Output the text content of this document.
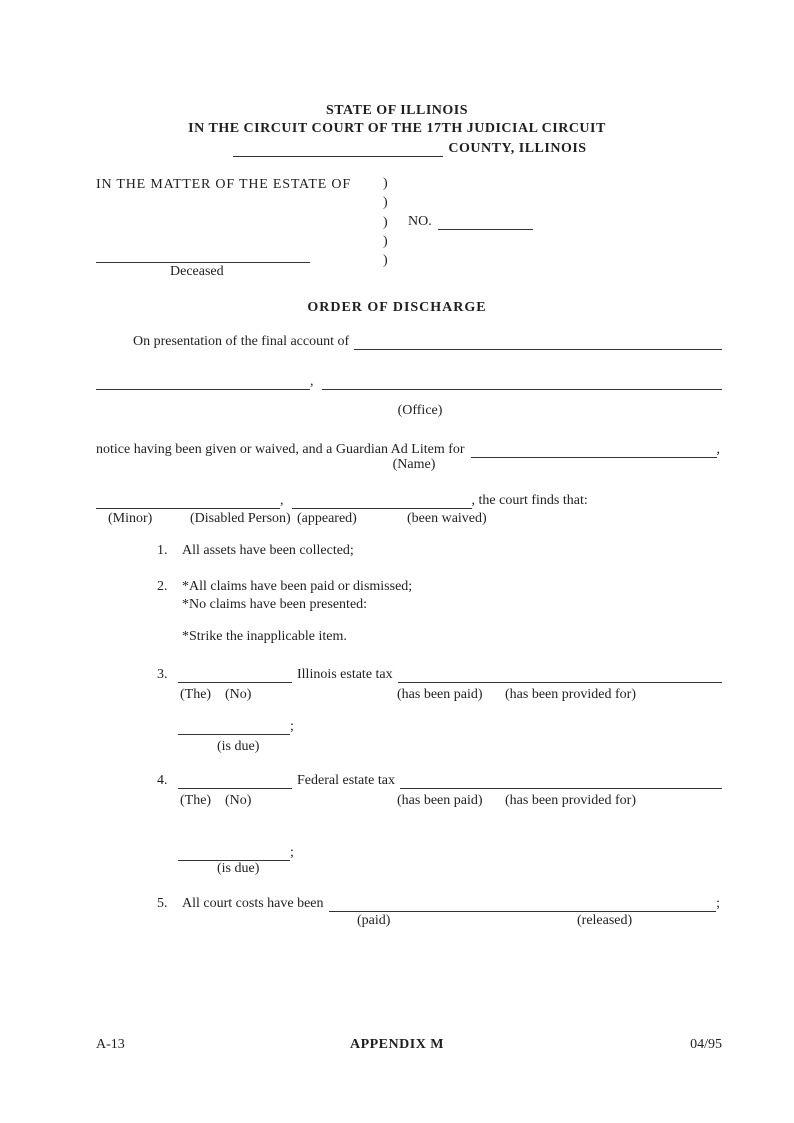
STATE OF ILLINOIS
IN THE CIRCUIT COURT OF THE 17TH JUDICIAL CIRCUIT
COUNTY, ILLINOIS
IN THE MATTER OF THE ESTATE OF )
)
)
)
)
NO.
Deceased
ORDER OF DISCHARGE
On presentation of the final account of
,
(Office)
notice having been given or waived, and a Guardian Ad Litem for	,
(Name)
,	, the court finds that:
(Minor)	(Disabled Person) (appeared)	(been waived)
1. All assets have been collected;
2. *All claims have been paid or dismissed;
*No claims have been presented:
*Strike the inapplicable item.
3.	Illinois estate tax
(The) (No)	(has been paid) (has been provided for)
;
(is due)
4.	Federal estate tax
(The) (No)	(has been paid) (has been provided for)
;
(is due)
5.	All court costs have been	;
(paid)	(released)
A-13	APPENDIX M	04/95
